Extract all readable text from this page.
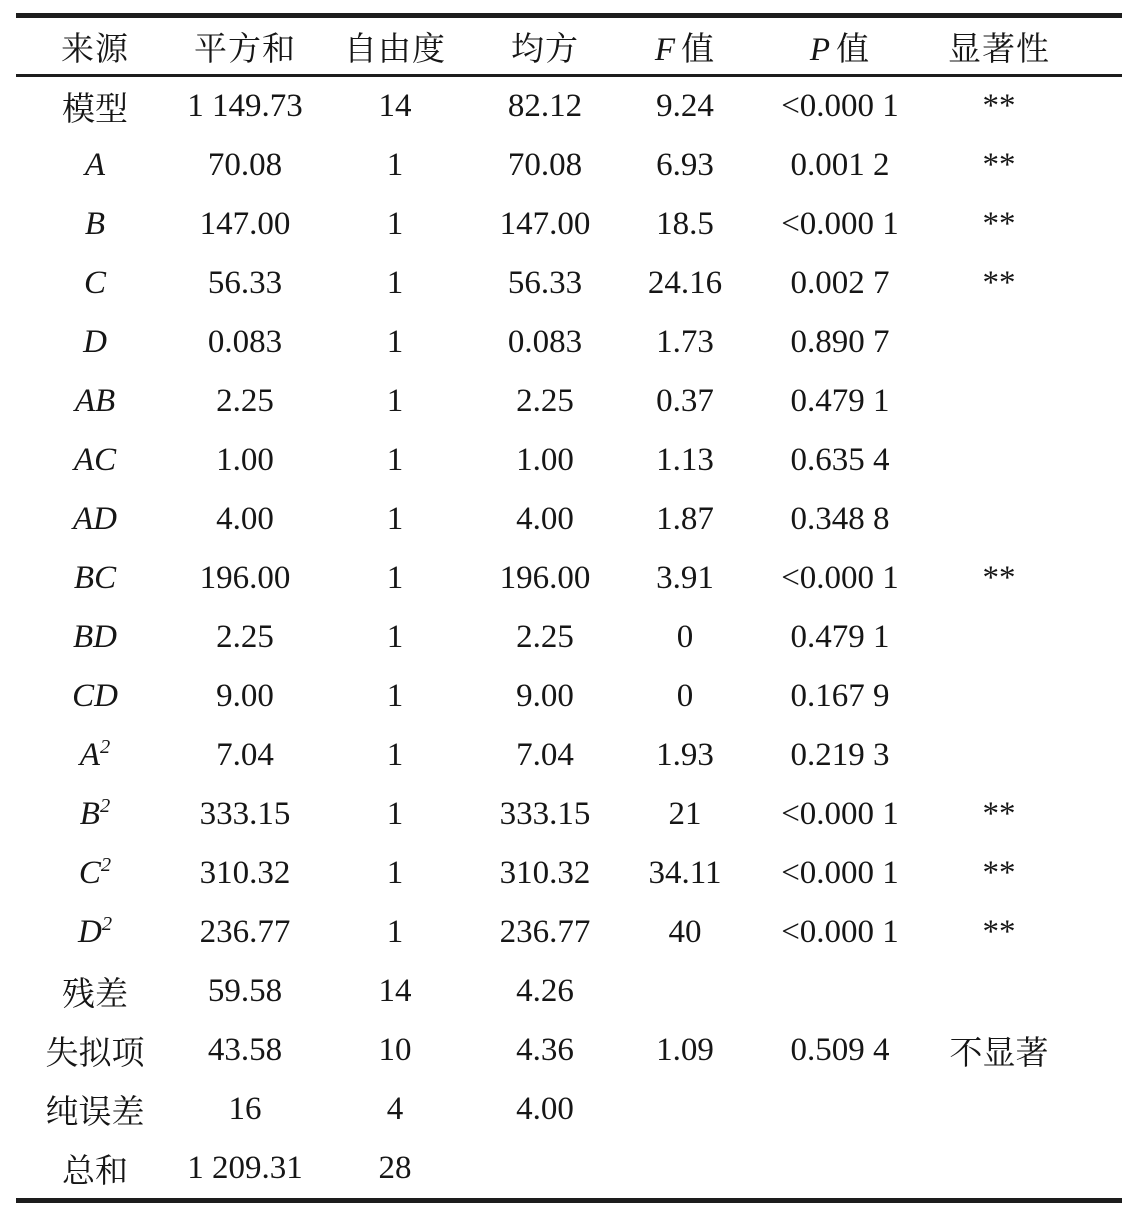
来源	平方和	自由度	均方	F 值	P 值	显著性	
模型	1 149.73	14	82.12	9.24	<0.000 1	**	
A	70.08	1	70.08	6.93	0.001 2	**	
B	147.00	1	147.00	18.5	<0.000 1	**	
C	56.33	1	56.33	24.16	0.002 7	**	
D	0.083	1	0.083	1.73	0.890 7		
AB	2.25	1	2.25	0.37	0.479 1		
AC	1.00	1	1.00	1.13	0.635 4		
AD	4.00	1	4.00	1.87	0.348 8		
BC	196.00	1	196.00	3.91	<0.000 1	**	
BD	2.25	1	2.25	0	0.479 1		
CD	9.00	1	9.00	0	0.167 9		
$A^2$	7.04	1	7.04	1.93	0.219 3		
$B^2$	333.15	1	333.15	21	<0.000 1	**	
$C^2$	310.32	1	310.32	34.11	<0.000 1	**	
$D^2$	236.77	1	236.77	40	<0.000 1	**	
残差	59.58	14	4.26				
失拟项	43.58	10	4.36	1.09	0.509 4	不显著	
纯误差	16	4	4.00				
总和	1 209.31	28					
